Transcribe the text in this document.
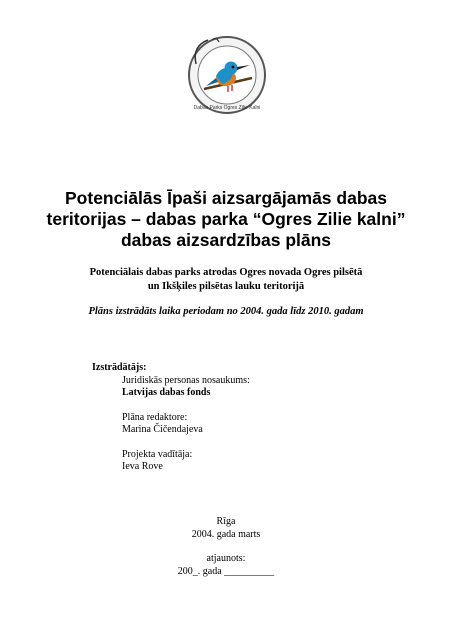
Dabas Parks Ogres Zilie Kalni
Potenciālās Īpaši aizsargājamās dabas teritorijas – dabas parka “Ogres Zilie kalni” dabas aizsardzības plāns
Potenciālais dabas parks atrodas Ogres novada Ogres pilsētā
un Ikšķiles pilsētas lauku teritorijā
Plāns izstrādāts laika periodam no 2004. gada līdz 2010. gadam
Izstrādātājs:
Juridiskās personas nosaukums:
Latvijas dabas fonds
Plāna redaktore:
Marina Čičendajeva
Projekta vadītāja:
Ieva Rove
Rīga
2004. gada marts
atjaunots:
200_. gada __________
